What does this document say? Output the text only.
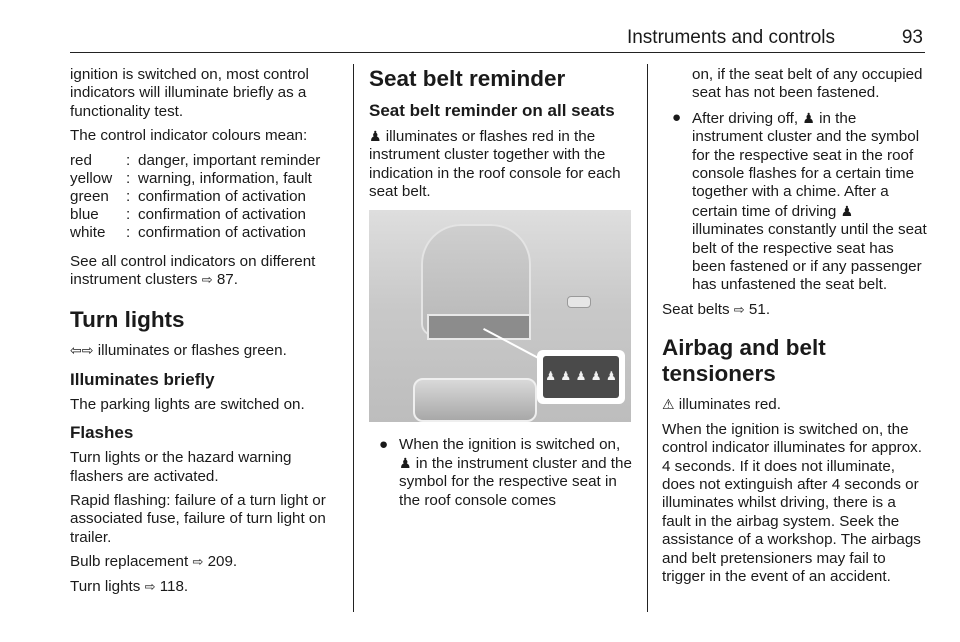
Instruments and controls	93

ignition is switched on, most control indicators will illuminate briefly as a functionality test.

The control indicator colours mean:

red	:	danger, important reminder
yellow	:	warning, information, fault
green	:	confirmation of activation
blue	:	confirmation of activation
white	:	confirmation of activation

See all control indicators on different instrument clusters ⇨ 87.

Turn lights

⇦⇨ illuminates or flashes green.

Illuminates briefly

The parking lights are switched on.

Flashes

Turn lights or the hazard warning flashers are activated.

Rapid flashing: failure of a turn light or associated fuse, failure of turn light on trailer.

Bulb replacement ⇨ 209.

Turn lights ⇨ 118.

Seat belt reminder
Seat belt reminder on all seats

♟ illuminates or flashes red in the instrument cluster together with the indication in the roof console for each seat belt.

♟ ♟ ♟ ♟ ♟
● When the ignition is switched on, ♟ in the instrument cluster and the symbol for the respective seat in the roof console comes
on, if the seat belt of any occupied seat has not been fastened.
● After driving off, ♟ in the instrument cluster and the symbol for the respective seat in the roof console flashes for a certain time together with a chime. After a certain time of driving ♟ illuminates constantly until the seat belt of the respective seat has been fastened or if any passenger has unfastened the seat belt.

Seat belts ⇨ 51.

Airbag and belt tensioners

⚠ illuminates red.

When the ignition is switched on, the control indicator illuminates for approx. 4 seconds. If it does not illuminate, does not extinguish after 4 seconds or illuminates whilst driving, there is a fault in the airbag system. Seek the assistance of a workshop. The airbags and belt pretensioners may fail to trigger in the event of an accident.
